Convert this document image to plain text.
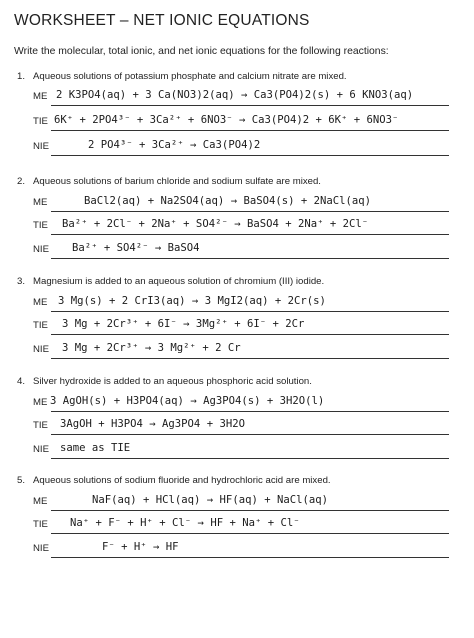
WORKSHEET – NET IONIC EQUATIONS
Write the molecular, total ionic, and net ionic equations for the following reactions:
1. Aqueous solutions of potassium phosphate and calcium nitrate are mixed.
ME 2 K3PO4(aq) + 3 Ca(NO3)2(aq) → Ca3(PO4)2(s) + 6 KNO3(aq)
TIE 6K⁺ + 2PO4³⁻ + 3Ca²⁺ + 6NO3⁻ → Ca3(PO4)2 + 6K⁺ + 6NO3⁻
NIE	2 PO4³⁻ + 3Ca²⁺ → Ca3(PO4)2
2. Aqueous solutions of barium chloride and sodium sulfate are mixed.
ME	BaCl2(aq) + Na2SO4(aq) → BaSO4(s) + 2NaCl(aq)
TIE Ba²⁺ + 2Cl⁻ + 2Na⁺ + SO4²⁻ → BaSO4 + 2Na⁺ + 2Cl⁻
NIE Ba²⁺ + SO4²⁻ → BaSO4
3. Magnesium is added to an aqueous solution of chromium (III) iodide.
ME 3 Mg(s) + 2 CrI3(aq) → 3 MgI2(aq) + 2Cr(s)
TIE 3 Mg + 2Cr³⁺ + 6I⁻ → 3Mg²⁺ + 6I⁻ + 2Cr
NIE 3 Mg + 2Cr³⁺ → 3 Mg²⁺ + 2 Cr
4. Silver hydroxide is added to an aqueous phosphoric acid solution.
ME 3 AgOH(s) + H3PO4(aq) → Ag3PO4(s) + 3H2O(l)
TIE 3AgOH + H3PO4 → Ag3PO4 + 3H2O
NIE same as TIE
5. Aqueous solutions of sodium fluoride and hydrochloric acid are mixed.
ME	NaF(aq) + HCl(aq) → HF(aq) + NaCl(aq)
TIE Na⁺ + F⁻ + H⁺ + Cl⁻ → HF + Na⁺ + Cl⁻
NIE	F⁻ + H⁺ → HF
